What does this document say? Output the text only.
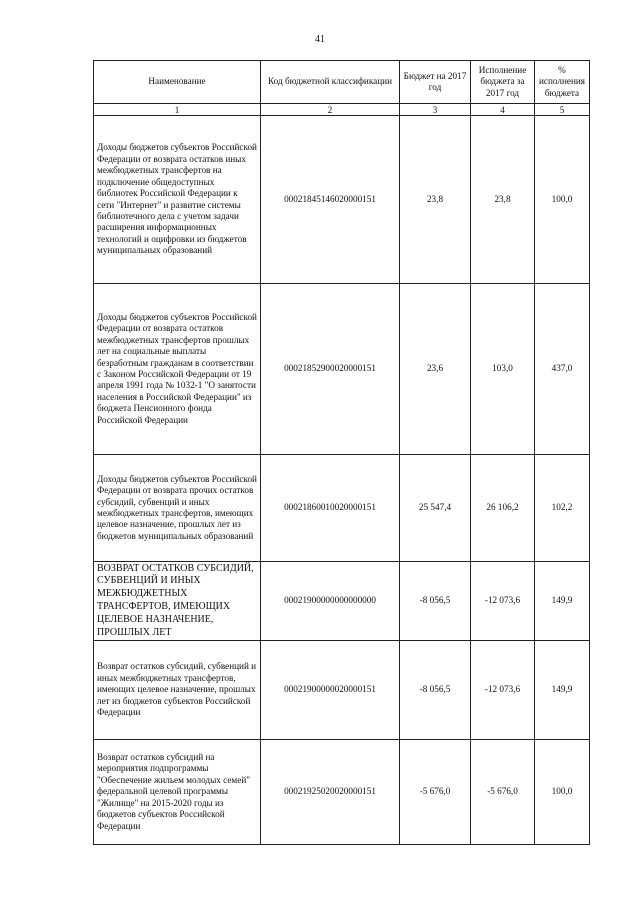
41
Наименование	Код бюджетной классификации	Бюджет на 2017 год	Исполнение бюджета за 2017 год	% исполнения бюджета
1	2	3	4	5
Доходы бюджетов субъектов Российской Федерации от возврата остатков иных межбюджетных трансфертов на подключение общедоступных библиотек Российской Федерации к сети "Интернет" и развитие системы библиотечного дела с учетом задачи расширения информационных технологий и оцифровки из бюджетов муниципальных образований	00021845146020000151	23,8	23,8	100,0
Доходы бюджетов субъектов Российской Федерации от возврата остатков межбюджетных трансфертов прошлых лет на социальные выплаты безработным гражданам в соответствии с Законом Российской Федерации от 19 апреля 1991 года № 1032-1 "О занятости населения в Российской Федерации" из бюджета Пенсионного фонда Российской Федерации	00021852900020000151	23,6	103,0	437,0
Доходы бюджетов субъектов Российской Федерации от возврата прочих остатков субсидий, субвенций и иных межбюджетных трансфертов, имеющих целевое назначение, прошлых лет из бюджетов муниципальных образований	00021860010020000151	25 547,4	26 106,2	102,2
ВОЗВРАТ ОСТАТКОВ СУБСИДИЙ, СУБВЕНЦИЙ И ИНЫХ МЕЖБЮДЖЕТНЫХ ТРАНСФЕРТОВ, ИМЕЮЩИХ ЦЕЛЕВОЕ НАЗНАЧЕНИЕ, ПРОШЛЫХ ЛЕТ	00021900000000000000	-8 056,5	-12 073,6	149,9
Возврат остатков субсидий, субвенций и иных межбюджетных трансфертов, имеющих целевое назначение, прошлых лет из бюджетов субъектов Российской Федерации	00021900000020000151	-8 056,5	-12 073,6	149,9
Возврат остатков субсидий на мероприятия подпрограммы "Обеспечение жильем молодых семей" федеральной целевой программы "Жилище" на 2015-2020 годы из бюджетов субъектов Российской Федерации	00021925020020000151	-5 676,0	-5 676,0	100,0
